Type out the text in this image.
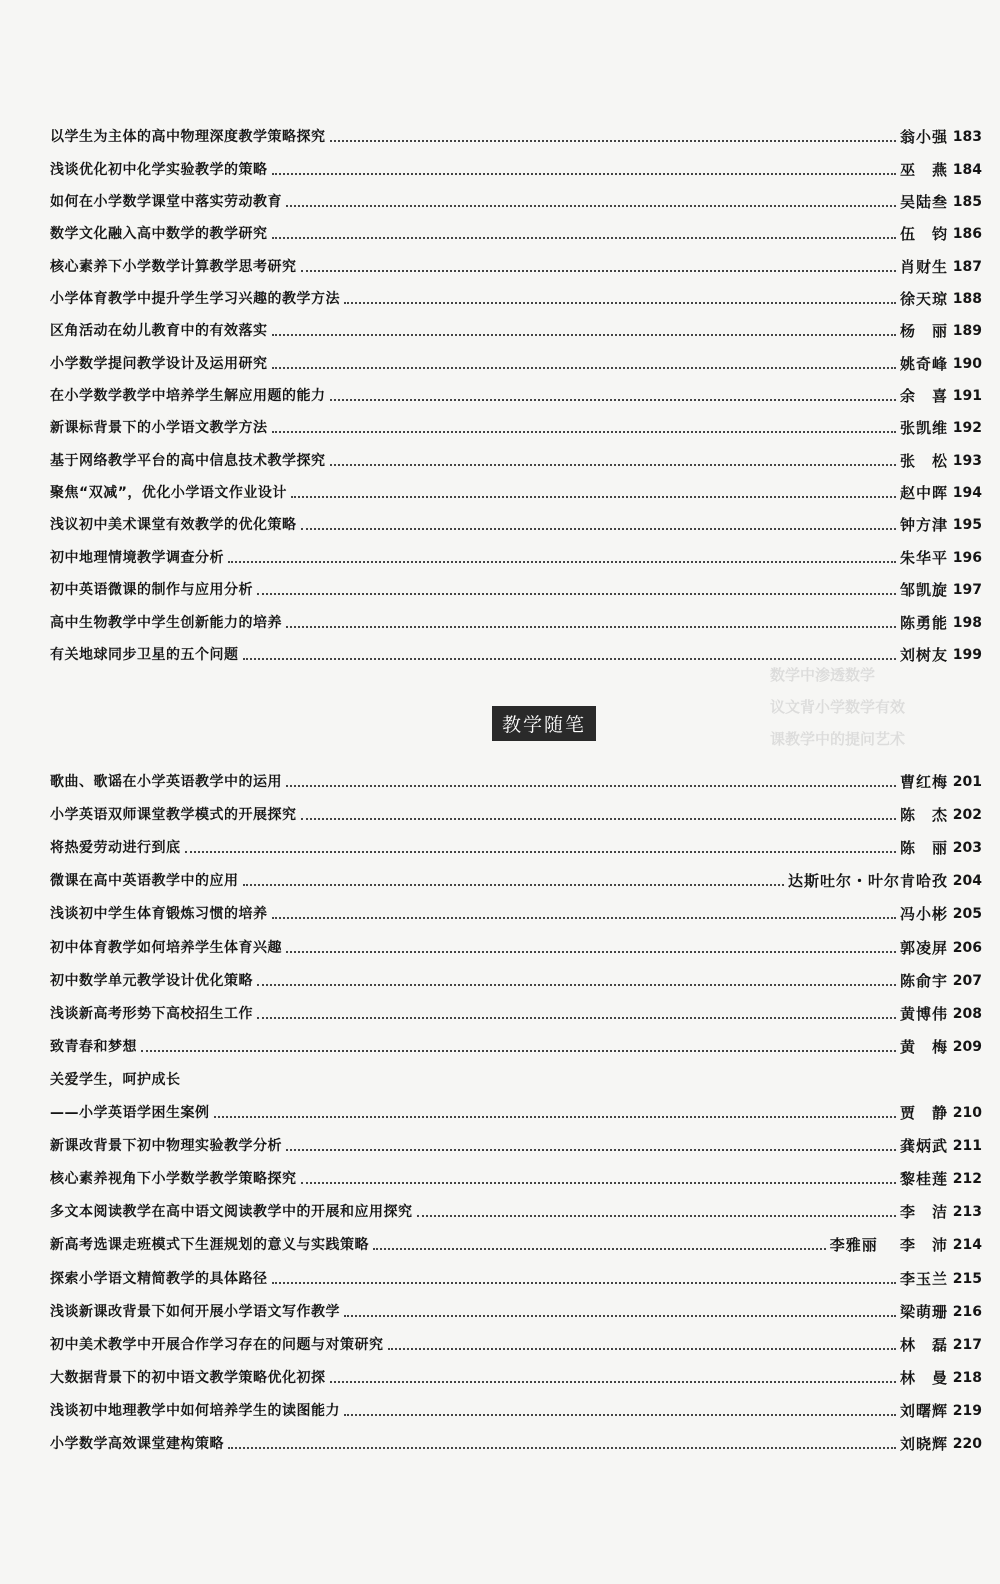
以学生为主体的高中物理深度教学策略探究	翁小强 183
浅谈优化初中化学实验教学的策略	巫　燕 184
如何在小学数学课堂中落实劳动教育	吴陆叁 185
数学文化融入高中数学的教学研究	伍　钧 186
核心素养下小学数学计算教学思考研究	肖财生 187
小学体育教学中提升学生学习兴趣的教学方法	徐天琼 188
区角活动在幼儿教育中的有效落实	杨　丽 189
小学数学提问教学设计及运用研究	姚奇峰 190
在小学数学教学中培养学生解应用题的能力	余　喜 191
新课标背景下的小学语文教学方法	张凯维 192
基于网络教学平台的高中信息技术教学探究	张　松 193
聚焦“双减”，优化小学语文作业设计	赵中晖 194
浅议初中美术课堂有效教学的优化策略	钟方津 195
初中地理情境教学调查分析	朱华平 196
初中英语微课的制作与应用分析	邹凯旋 197
高中生物教学中学生创新能力的培养	陈勇能 198
有关地球同步卫星的五个问题	刘树友 199
教学随笔
数学中渗透数学
议文背小学数学有效
课教学中的提问艺术
歌曲、歌谣在小学英语教学中的运用	曹红梅 201
小学英语双师课堂教学模式的开展探究	陈　杰 202
将热爱劳动进行到底	陈　丽 203
微课在高中英语教学中的应用	达斯吐尔・叶尔肯哈孜 204
浅谈初中学生体育锻炼习惯的培养	冯小彬 205
初中体育教学如何培养学生体育兴趣	郭凌屏 206
初中数学单元教学设计优化策略	陈俞宇 207
浅谈新高考形势下高校招生工作	黄博伟 208
致青春和梦想	黄　梅 209
关爱学生，呵护成长
——小学英语学困生案例	贾　静 210
新课改背景下初中物理实验教学分析	龚炳武 211
核心素养视角下小学数学教学策略探究	黎桂莲 212
多文本阅读教学在高中语文阅读教学中的开展和应用探究	李　洁 213
新高考选课走班模式下生涯规划的意义与实践策略	李雅丽　 李　沛 214
探索小学语文精简教学的具体路径	李玉兰 215
浅谈新课改背景下如何开展小学语文写作教学	梁萌珊 216
初中美术教学中开展合作学习存在的问题与对策研究	林　磊 217
大数据背景下的初中语文教学策略优化初探	林　曼 218
浅谈初中地理教学中如何培养学生的读图能力	刘曙辉 219
小学数学高效课堂建构策略	刘晓辉 220
